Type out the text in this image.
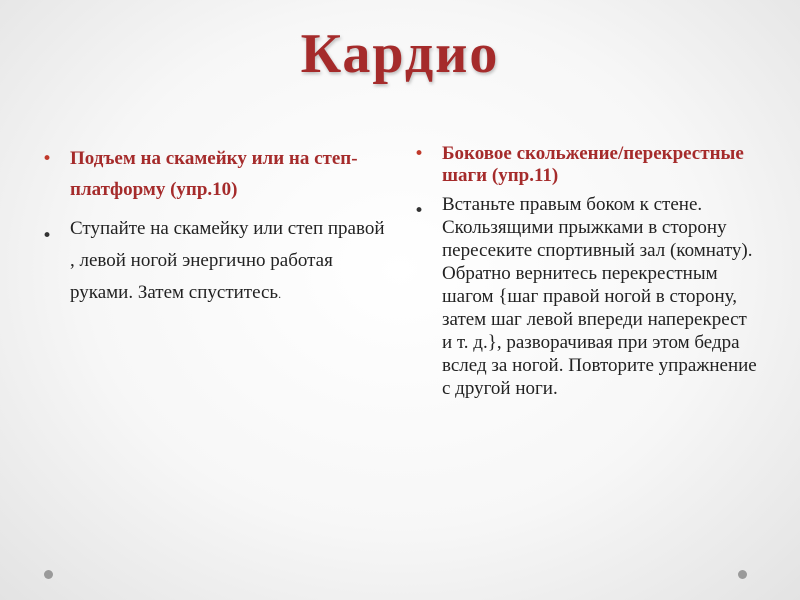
Кардио
• Подъем на скамейку или на степ-платформу (упр.10)
• Ступайте на скамейку или степ правой , левой ногой энергично работая руками. Затем спуститесь.
• Боковое скольжение/перекрестные шаги (упр.11)
• Встаньте правым боком к стене. Скользящими прыжками в сторону пересеките спортивный зал (комнату). Обратно вернитесь перекрестным шагом {шаг правой ногой в сторону, затем шаг левой впереди наперекрест и т. д.}, разворачивая при этом бедра вслед за ногой. Повторите упражнение с другой ноги.
